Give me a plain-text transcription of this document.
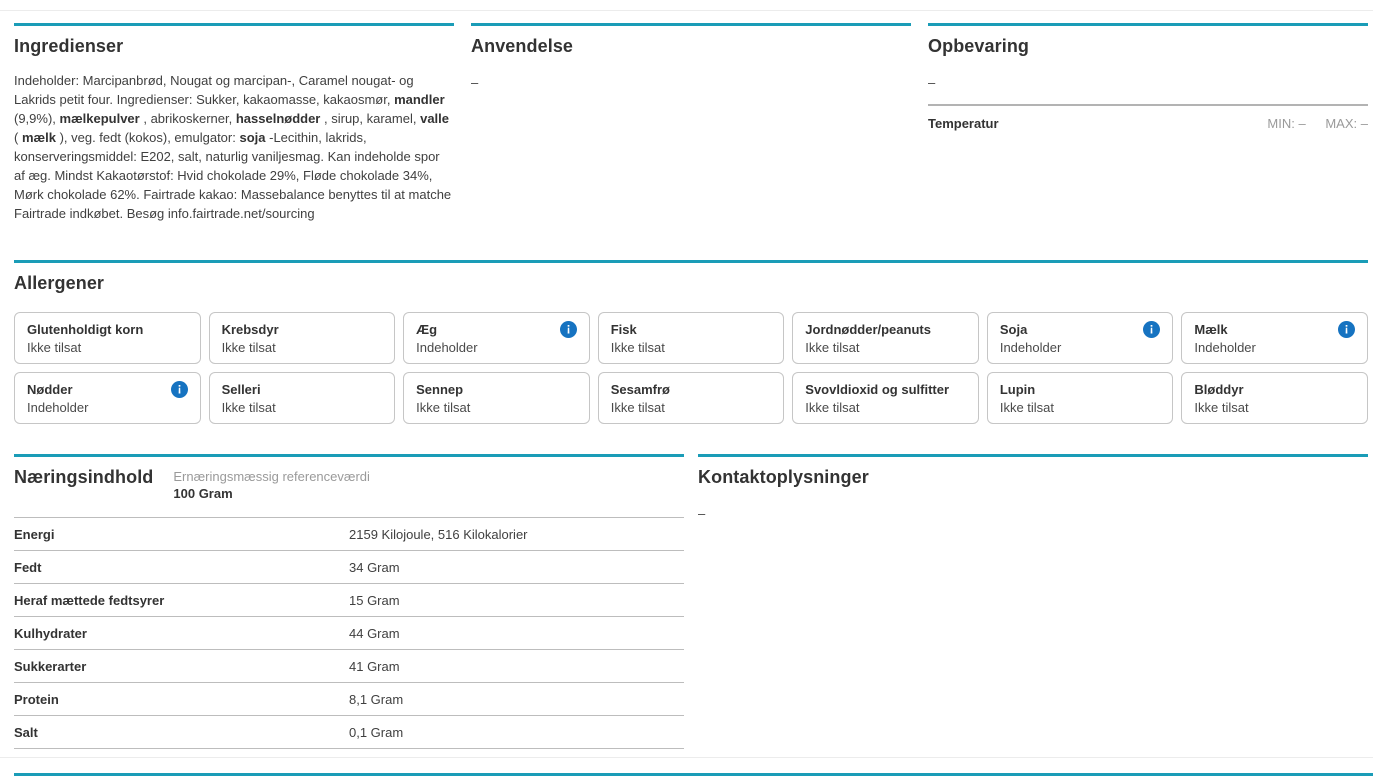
Ingredienser

Indeholder: Marcipanbrød, Nougat og marcipan-, Caramel nougat- og Lakrids petit four. Ingredienser: Sukker, kakaomasse, kakaosmør, mandler (9,9%), mælkepulver , abrikoskerner, hasselnødder , sirup, karamel, valle ( mælk ), veg. fedt (kokos), emulgator: soja -Lecithin, lakrids, konserveringsmiddel: E202, salt, naturlig vaniljesmag. Kan indeholde spor af æg. Mindst Kakaotørstof: Hvid chokolade 29%, Fløde chokolade 34%, Mørk chokolade 62%. Fairtrade kakao: Massebalance benyttes til at matche Fairtrade indkøbet. Besøg info.fairtrade.net/sourcing

Anvendelse
–
Opbevaring
–
Temperatur	MIN: – MAX: –
Allergener
Glutenholdigt korn
Ikke tilsat
Krebsdyr
Ikke tilsat
Æg
!
Indeholder
Fisk
Ikke tilsat
Jordnødder/peanuts
Ikke tilsat
Soja
!
Indeholder
Mælk
!
Indeholder
Nødder
!
Indeholder
Selleri
Ikke tilsat
Sennep
Ikke tilsat
Sesamfrø
Ikke tilsat
Svovldioxid og sulfitter
Ikke tilsat
Lupin
Ikke tilsat
Bløddyr
Ikke tilsat
Næringsindhold Ernæringsmæssig referenceværdi
100 Gram
Energi	2159 Kilojoule, 516 Kilokalorier
Fedt	34 Gram
Heraf mættede fedtsyrer	15 Gram
Kulhydrater	44 Gram
Sukkerarter	41 Gram
Protein	8,1 Gram
Salt	0,1 Gram
Kontaktoplysninger
–
